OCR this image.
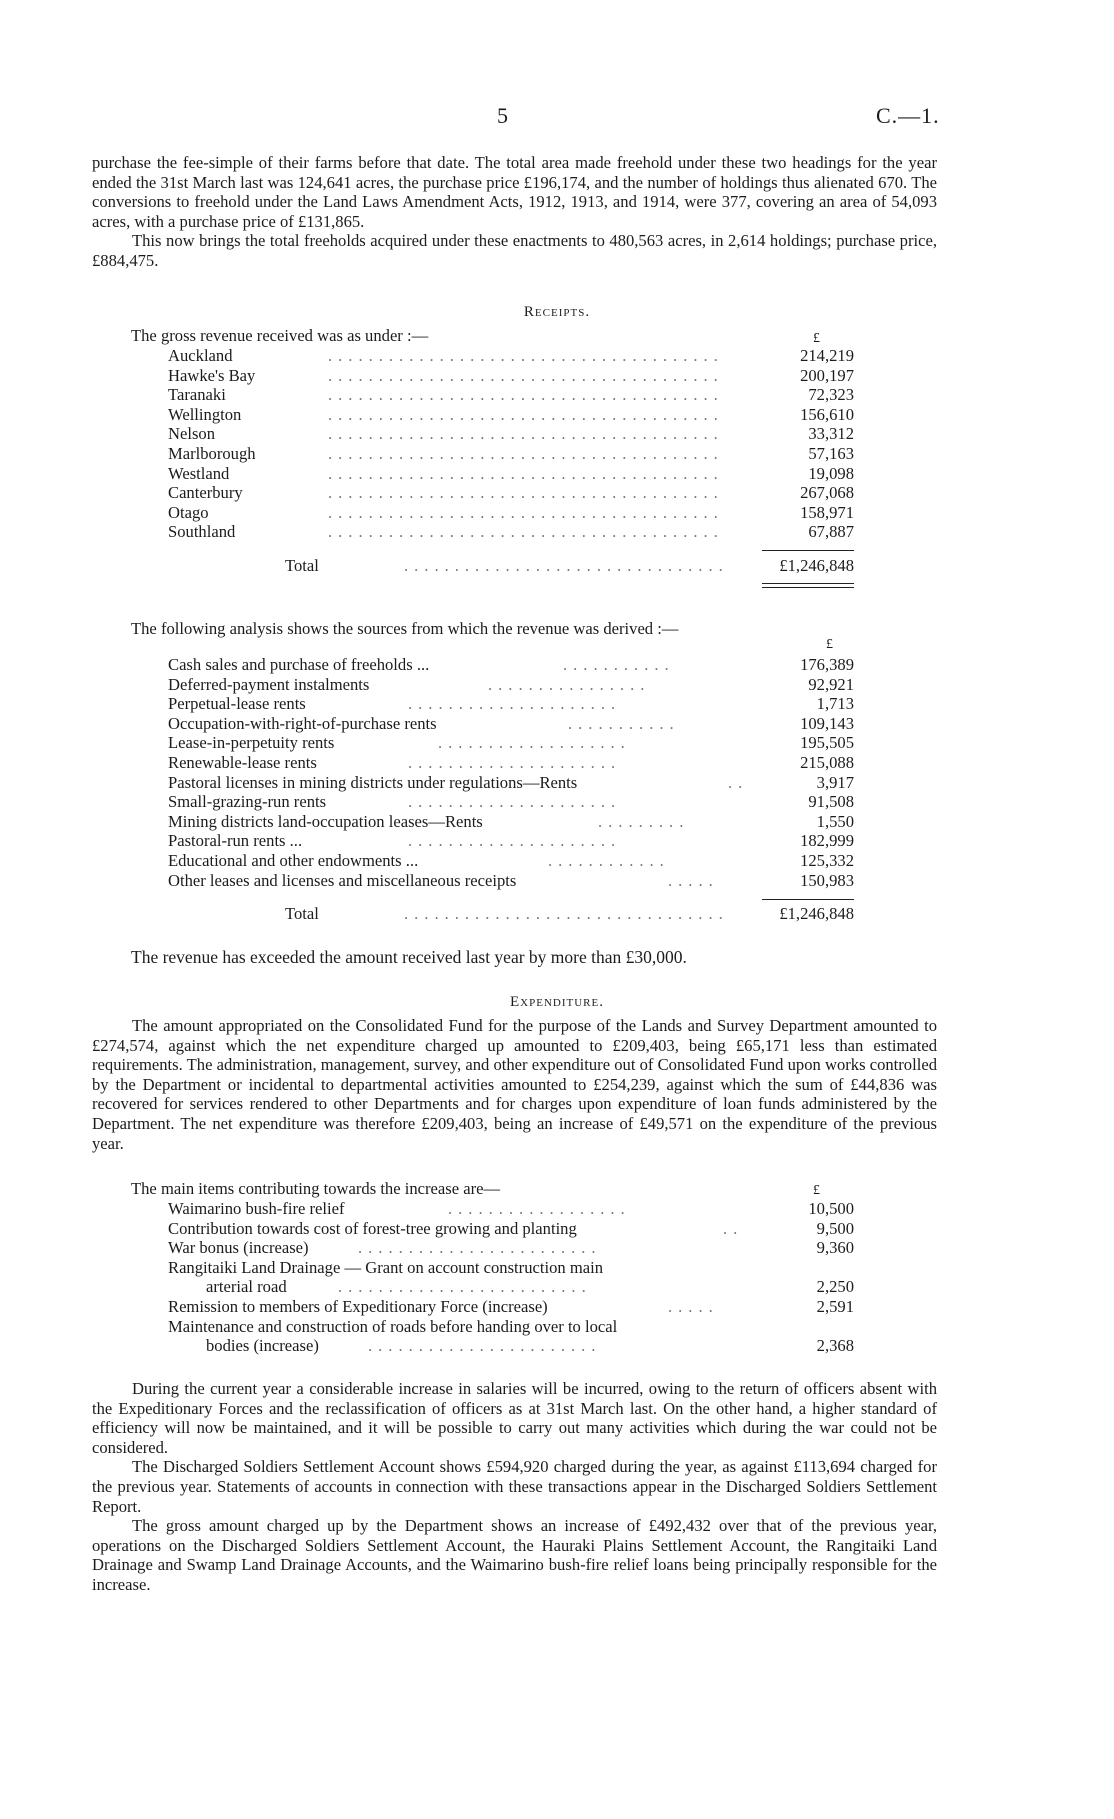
5	C.—1.

purchase the fee-simple of their farms before that date. The total area made freehold under these two headings for the year ended the 31st March last was 124,641 acres, the purchase price £196,174, and the number of holdings thus alienated 670. The conversions to freehold under the Land Laws Amendment Acts, 1912, 1913, and 1914, were 377, covering an area of 54,093 acres, with a purchase price of £131,865.

This now brings the total freeholds acquired under these enactments to 480,563 acres, in 2,614 holdings; purchase price, £884,475.

Receipts.
The gross revenue received was as under :—	£
Auckland	.......................................	214,219
Hawke's Bay	.......................................	200,197
Taranaki	.......................................	72,323
Wellington	.......................................	156,610
Nelson	.......................................	33,312
Marlborough	.......................................	57,163
Westland	.......................................	19,098
Canterbury	.......................................	267,068
Otago	.......................................	158,971
Southland	.......................................	67,887
Total	................................	£1,246,848
The following analysis shows the sources from which the revenue was derived :—
£
Cash sales and purchase of freeholds ...	...........	176,389
Deferred-payment instalments	................	92,921
Perpetual-lease rents	.....................	1,713
Occupation-with-right-of-purchase rents	...........	109,143
Lease-in-perpetuity rents	...................	195,505
Renewable-lease rents	.....................	215,088
Pastoral licenses in mining districts under regulations—Rents	..	3,917
Small-grazing-run rents	.....................	91,508
Mining districts land-occupation leases—Rents	.........	1,550
Pastoral-run rents ...	.....................	182,999
Educational and other endowments ...	............	125,332
Other leases and licenses and miscellaneous receipts	.....	150,983
Total	................................	£1,246,848
The revenue has exceeded the amount received last year by more than £30,000.
Expenditure.

The amount appropriated on the Consolidated Fund for the purpose of the Lands and Survey Department amounted to £274,574, against which the net expenditure charged up amounted to £209,403, being £65,171 less than estimated requirements. The administration, management, survey, and other expenditure out of Consolidated Fund upon works controlled by the Department or incidental to departmental activities amounted to £254,239, against which the sum of £44,836 was recovered for services rendered to other Departments and for charges upon expenditure of loan funds administered by the Department. The net expenditure was therefore £209,403, being an increase of £49,571 on the expenditure of the previous year.

The main items contributing towards the increase are—	£
Waimarino bush-fire relief	..................	10,500
Contribution towards cost of forest-tree growing and planting	..	9,500
War bonus (increase)	........................	9,360
Rangitaiki Land Drainage — Grant on account construction main
arterial road	.........................	2,250
Remission to members of Expeditionary Force (increase)	.....	2,591
Maintenance and construction of roads before handing over to local
bodies (increase)	.......................	2,368

During the current year a considerable increase in salaries will be incurred, owing to the return of officers absent with the Expeditionary Forces and the reclassification of officers as at 31st March last. On the other hand, a higher standard of efficiency will now be maintained, and it will be possible to carry out many activities which during the war could not be considered.

The Discharged Soldiers Settlement Account shows £594,920 charged during the year, as against £113,694 charged for the previous year. Statements of accounts in connection with these transactions appear in the Discharged Soldiers Settlement Report.

The gross amount charged up by the Department shows an increase of £492,432 over that of the previous year, operations on the Discharged Soldiers Settlement Account, the Hauraki Plains Settlement Account, the Rangitaiki Land Drainage and Swamp Land Drainage Accounts, and the Waimarino bush-fire relief loans being principally responsible for the increase.
